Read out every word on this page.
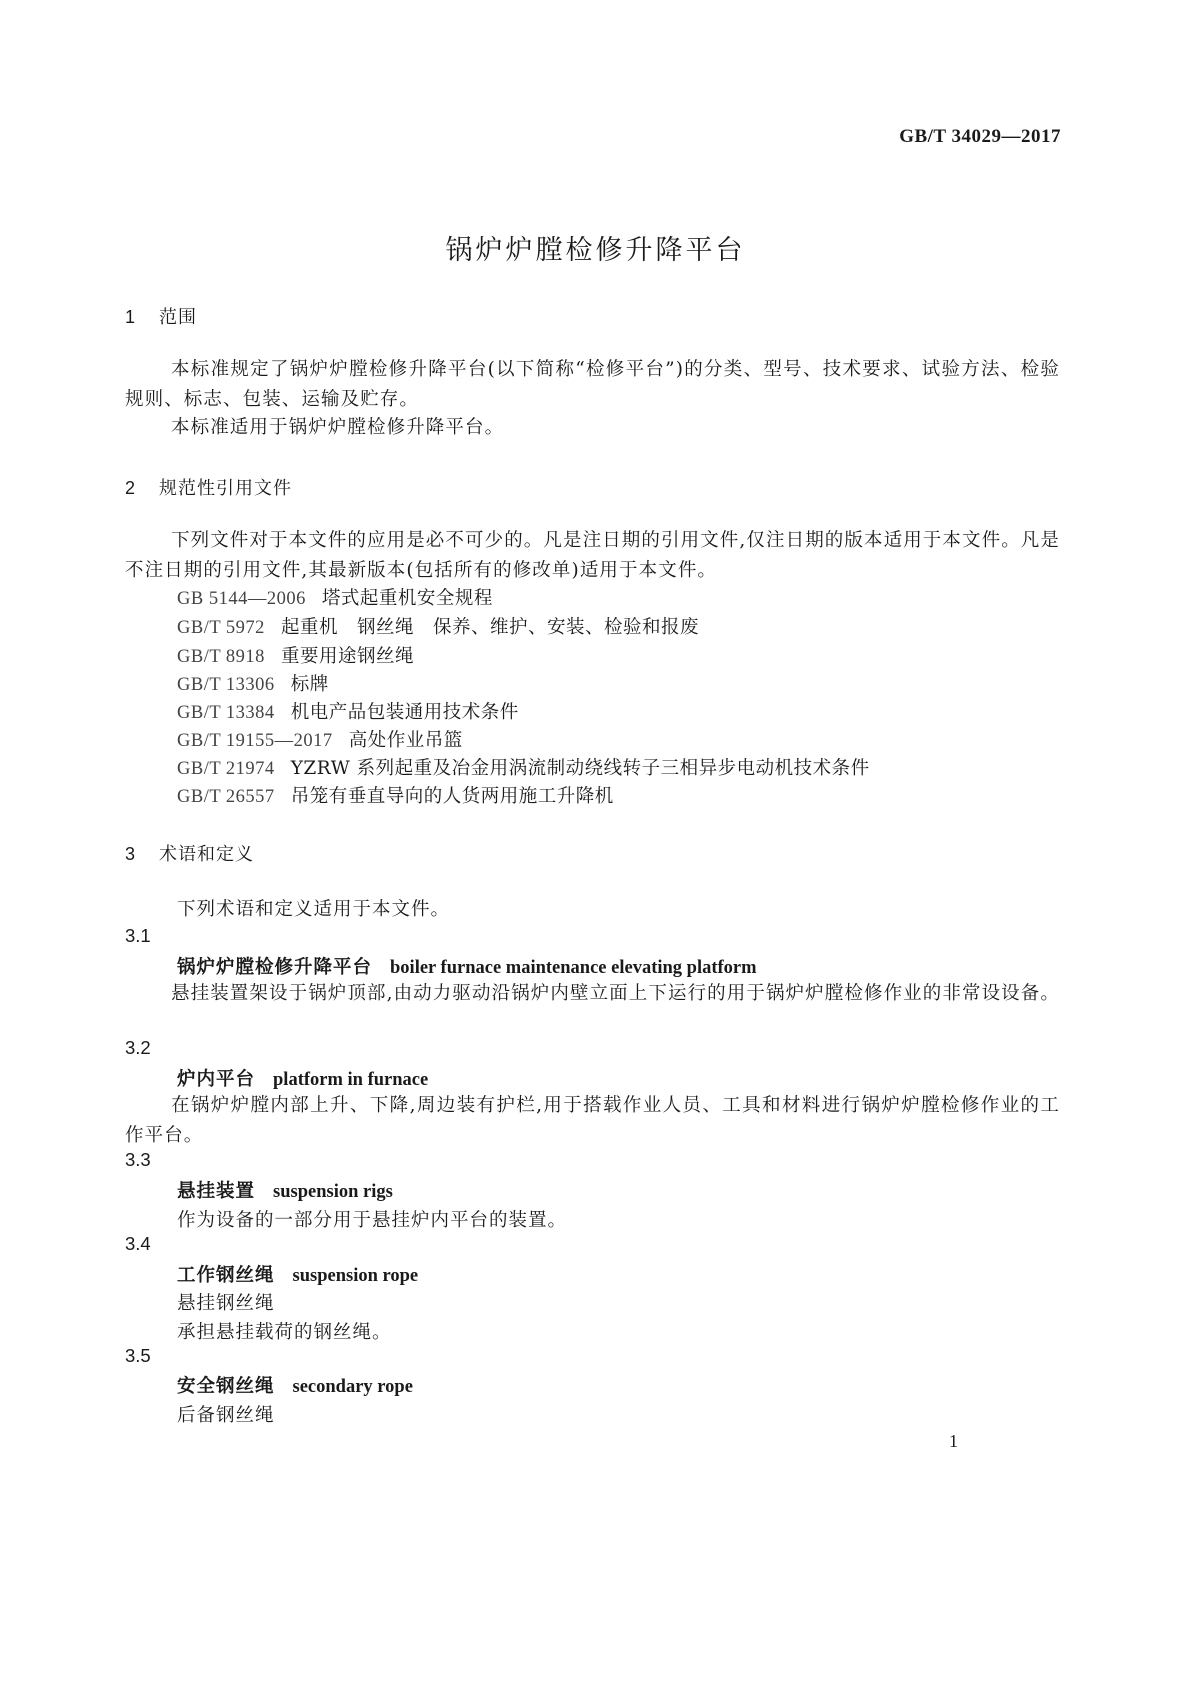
GB/T 34029—2017
锅炉炉膛检修升降平台
1 范围
本标准规定了锅炉炉膛检修升降平台(以下简称“检修平台”)的分类、型号、技术要求、试验方法、检验规则、标志、包装、运输及贮存。
本标准适用于锅炉炉膛检修升降平台。
2 规范性引用文件
下列文件对于本文件的应用是必不可少的。凡是注日期的引用文件,仅注日期的版本适用于本文件。凡是不注日期的引用文件,其最新版本(包括所有的修改单)适用于本文件。
GB 5144—2006 塔式起重机安全规程
GB/T 5972 起重机　钢丝绳　保养、维护、安装、检验和报废
GB/T 8918 重要用途钢丝绳
GB/T 13306 标牌
GB/T 13384 机电产品包装通用技术条件
GB/T 19155—2017 高处作业吊篮
GB/T 21974 YZRW 系列起重及冶金用涡流制动绕线转子三相异步电动机技术条件
GB/T 26557 吊笼有垂直导向的人货两用施工升降机
3 术语和定义
下列术语和定义适用于本文件。
3.1
锅炉炉膛检修升降平台 boiler furnace maintenance elevating platform
悬挂装置架设于锅炉顶部,由动力驱动沿锅炉内壁立面上下运行的用于锅炉炉膛检修作业的非常设设备。
3.2
炉内平台 platform in furnace
在锅炉炉膛内部上升、下降,周边装有护栏,用于搭载作业人员、工具和材料进行锅炉炉膛检修作业的工作平台。
3.3
悬挂装置 suspension rigs
作为设备的一部分用于悬挂炉内平台的装置。
3.4
工作钢丝绳 suspension rope
悬挂钢丝绳
承担悬挂载荷的钢丝绳。
3.5
安全钢丝绳 secondary rope
后备钢丝绳
1
